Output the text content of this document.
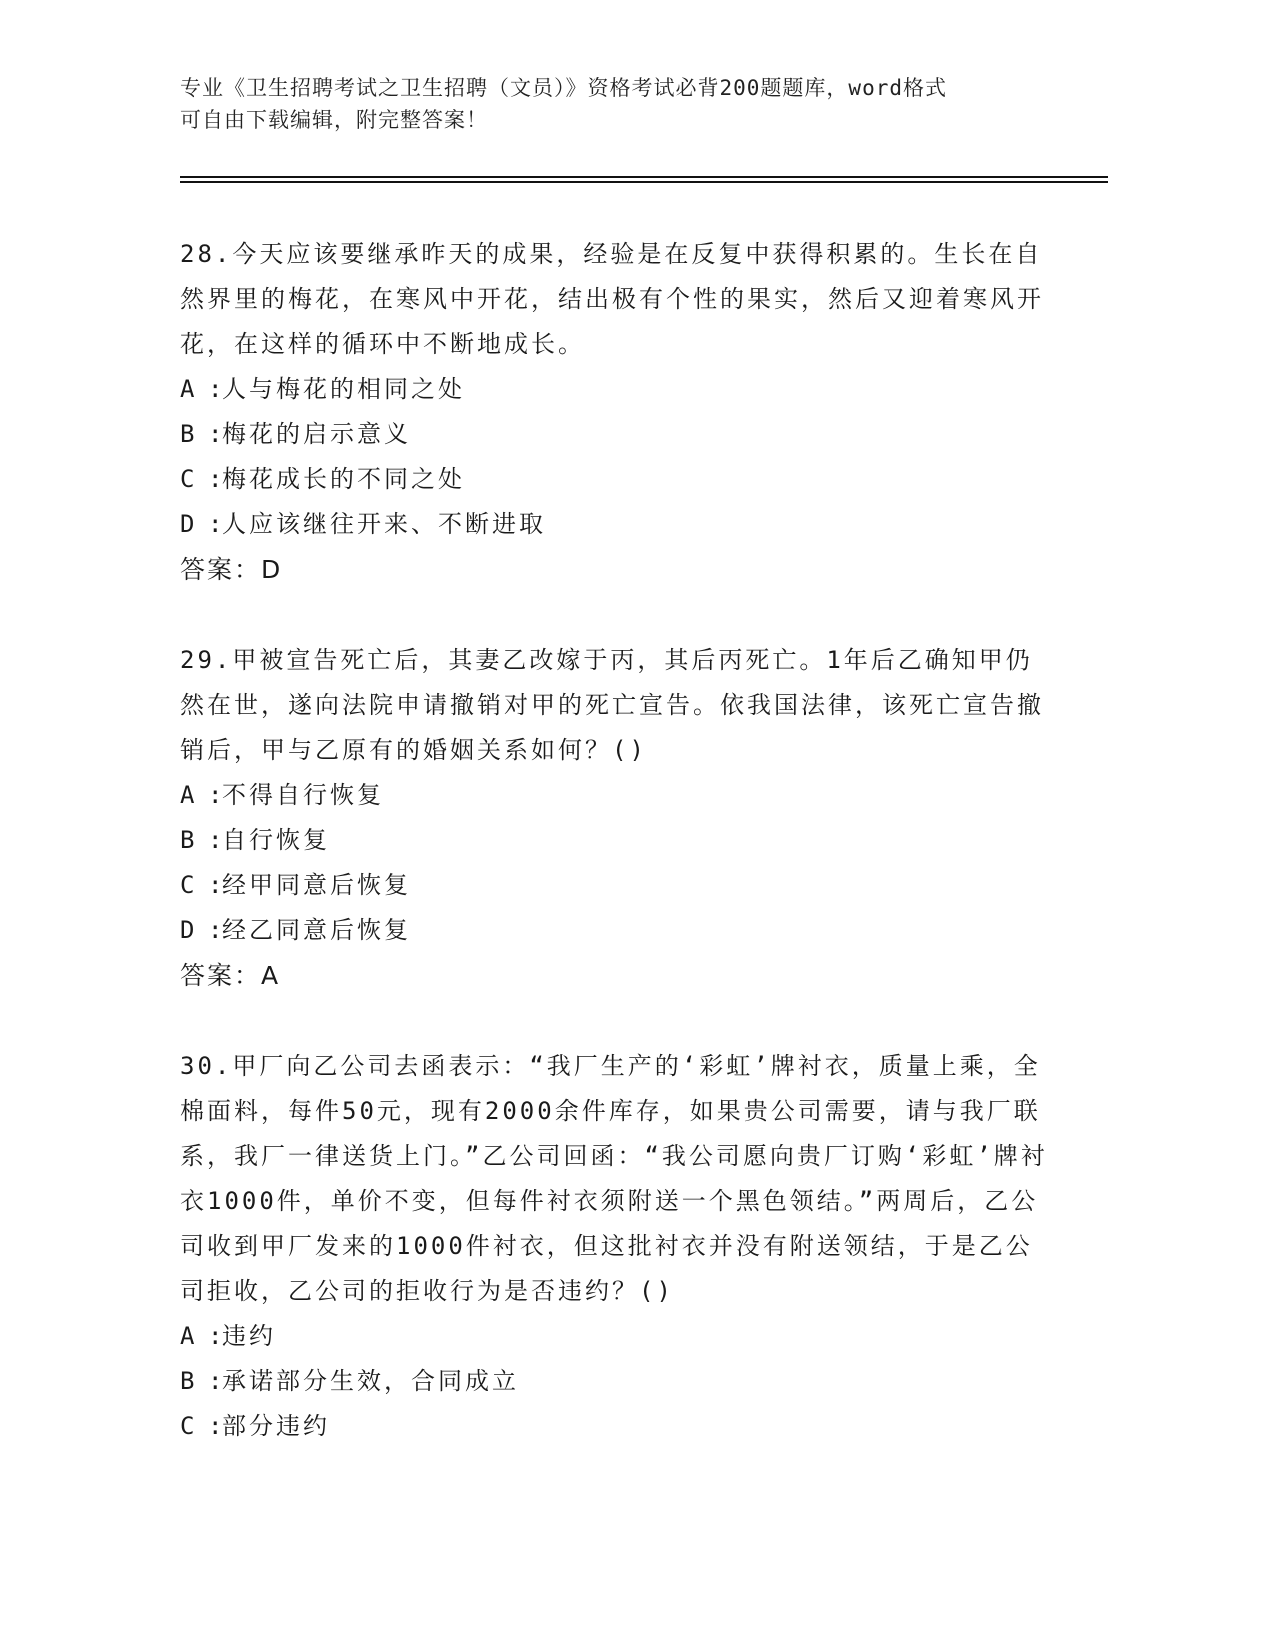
专业《卫生招聘考试之卫生招聘（文员）》资格考试必背200题题库，word格式
可自由下载编辑，附完整答案！

28.今天应该要继承昨天的成果，经验是在反复中获得积累的。生长在自然界里的梅花，在寒风中开花，结出极有个性的果实，然后又迎着寒风开花，在这样的循环中不断地成长。

A :人与梅花的相同之处

B :梅花的启示意义

C :梅花成长的不同之处

D :人应该继往开来、不断进取

答案：D

29.甲被宣告死亡后，其妻乙改嫁于丙，其后丙死亡。1年后乙确知甲仍然在世，遂向法院申请撤销对甲的死亡宣告。依我国法律，该死亡宣告撤销后，甲与乙原有的婚姻关系如何？()

A :不得自行恢复

B :自行恢复

C :经甲同意后恢复

D :经乙同意后恢复

答案：A

30.甲厂向乙公司去函表示：“我厂生产的‘彩虹’牌衬衣，质量上乘，全棉面料，每件50元，现有2000余件库存，如果贵公司需要，请与我厂联系，我厂一律送货上门。”乙公司回函：“我公司愿向贵厂订购‘彩虹’牌衬衣1000件，单价不变，但每件衬衣须附送一个黑色领结。”两周后，乙公司收到甲厂发来的1000件衬衣，但这批衬衣并没有附送领结，于是乙公司拒收，乙公司的拒收行为是否违约？()

A :违约

B :承诺部分生效，合同成立

C :部分违约
